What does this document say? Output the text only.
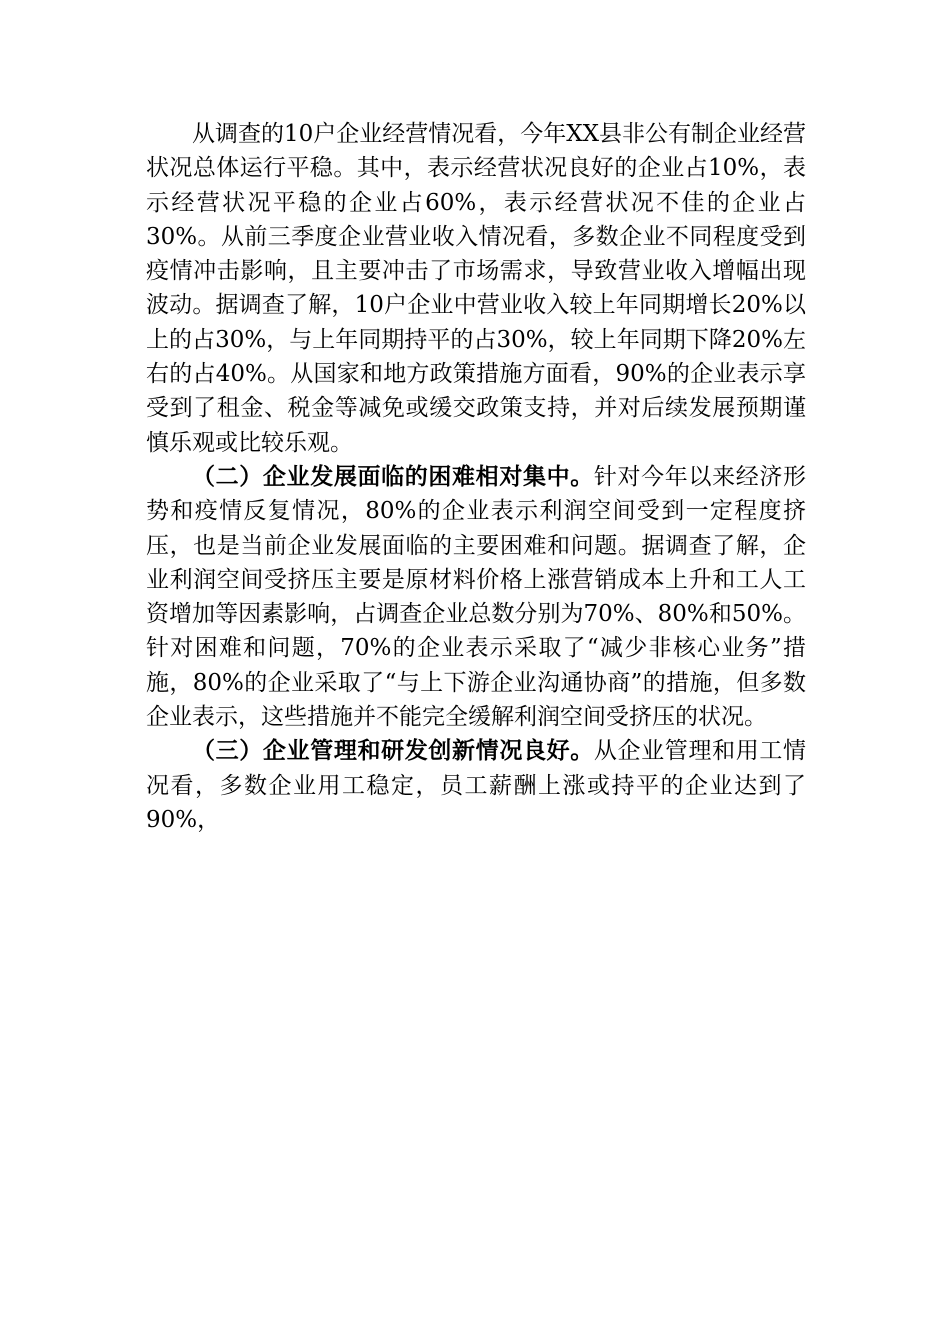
从调查的10户企业经营情况看，今年XX县非公有制企业经营状况总体运行平稳。其中，表示经营状况良好的企业占10%，表示经营状况平稳的企业占60%，表示经营状况不佳的企业占30%。从前三季度企业营业收入情况看，多数企业不同程度受到疫情冲击影响，且主要冲击了市场需求，导致营业收入增幅出现波动。据调查了解，10户企业中营业收入较上年同期增长20%以上的占30%，与上年同期持平的占30%，较上年同期下降20%左右的占40%。从国家和地方政策措施方面看，90%的企业表示享受到了租金、税金等减免或缓交政策支持，并对后续发展预期谨慎乐观或比较乐观。

（二）企业发展面临的困难相对集中。针对今年以来经济形势和疫情反复情况，80%的企业表示利润空间受到一定程度挤压，也是当前企业发展面临的主要困难和问题。据调查了解，企业利润空间受挤压主要是原材料价格上涨营销成本上升和工人工资增加等因素影响，占调查企业总数分别为70%、80%和50%。针对困难和问题，70%的企业表示采取了“减少非核心业务”措施，80%的企业采取了“与上下游企业沟通协商”的措施，但多数企业表示，这些措施并不能完全缓解利润空间受挤压的状况。

（三）企业管理和研发创新情况良好。从企业管理和用工情况看，多数企业用工稳定，员工薪酬上涨或持平的企业达到了90%，
